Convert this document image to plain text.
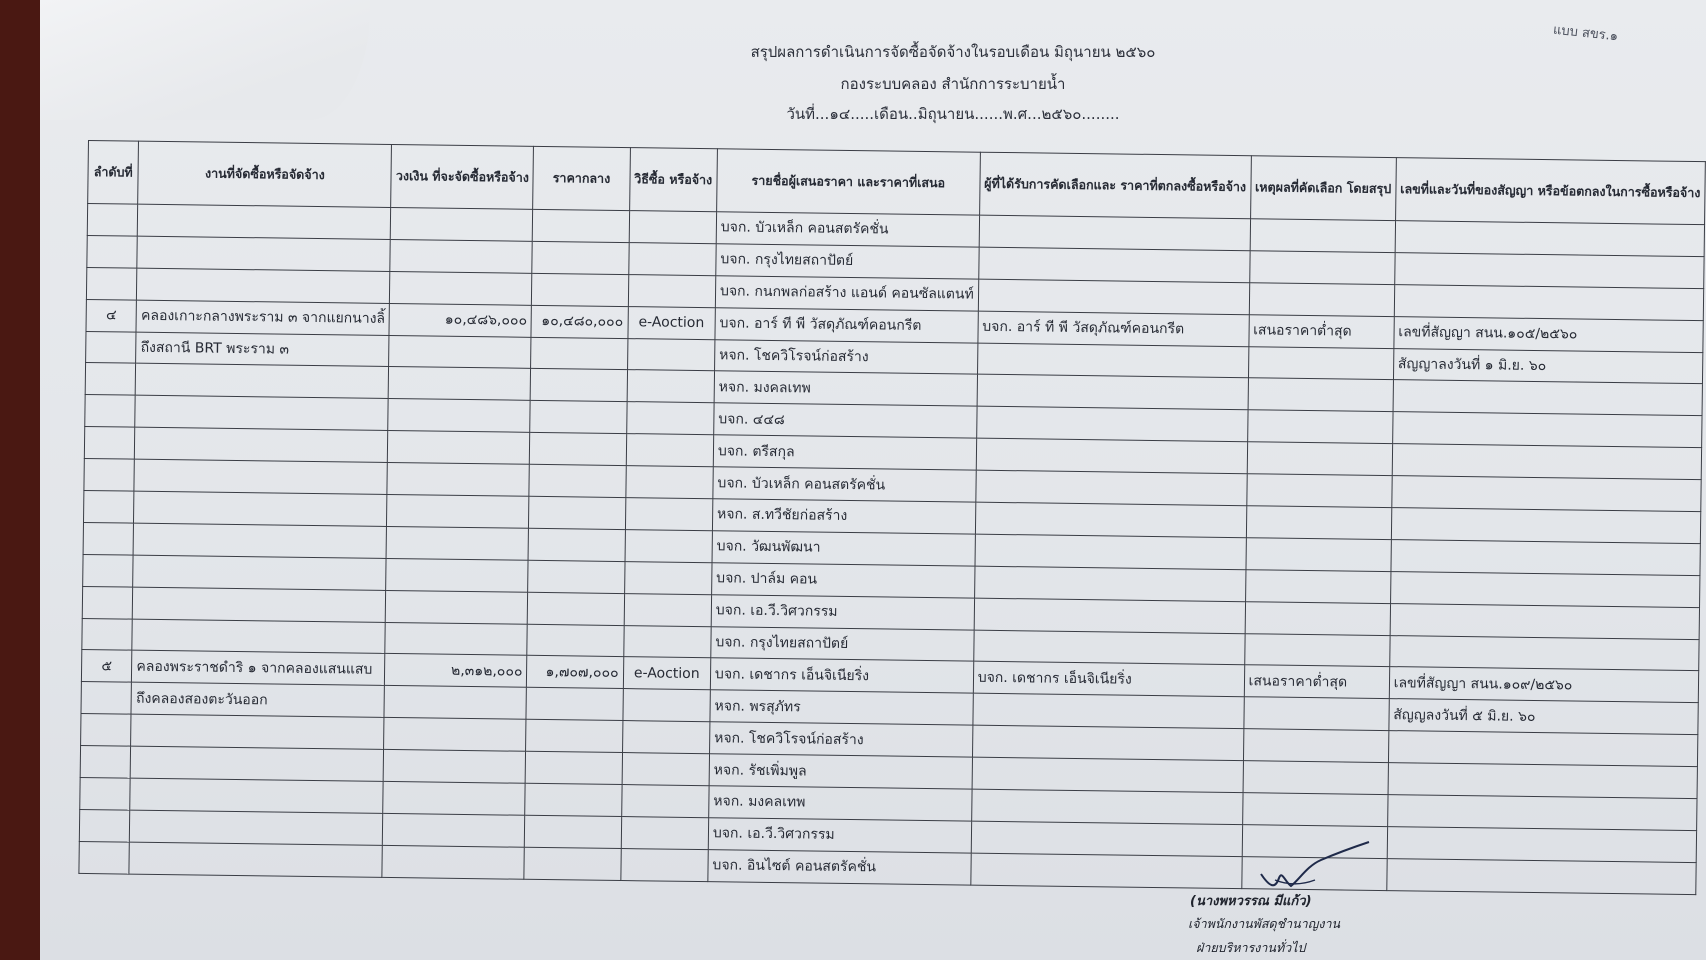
แบบ สขร.๑
สรุปผลการดำเนินการจัดซื้อจัดจ้างในรอบเดือน มิถุนายน ๒๕๖๐
กองระบบคลอง สำนักการระบายน้ำ
วันที่...๑๔.....เดือน..มิถุนายน......พ.ศ...๒๕๖๐........
ลำดับที่	งานที่จัดซื้อหรือจัดจ้าง	วงเงิน ที่จะจัดซื้อหรือจ้าง	ราคากลาง	วิธีซื้อ หรือจ้าง	รายชื่อผู้เสนอราคา และราคาที่เสนอ	ผู้ที่ได้รับการคัดเลือกและ ราคาที่ตกลงซื้อหรือจ้าง	เหตุผลที่คัดเลือก โดยสรุป	เลขที่และวันที่ของสัญญา หรือข้อตกลงในการซื้อหรือจ้าง
					บจก. บัวเหล็ก คอนสตรัคชั่น			
					บจก. กรุงไทยสถาปัตย์			
					บจก. กนกพลก่อสร้าง แอนด์ คอนซัลแตนท์			
๔	คลองเกาะกลางพระราม ๓ จากแยกนางลิ้	๑๐,๔๘๖,๐๐๐	๑๐,๔๘๐,๐๐๐	e-Aoction	บจก. อาร์ ที พี วัสดุภัณฑ์คอนกรีต	บจก. อาร์ ที พี วัสดุภัณฑ์คอนกรีต	เสนอราคาต่ำสุด	เลขที่สัญญา สนน.๑๐๕/๒๕๖๐
	ถึงสถานี BRT พระราม ๓				หจก. โชควิโรจน์ก่อสร้าง			สัญญาลงวันที่ ๑ มิ.ย. ๖๐
					หจก. มงคลเทพ			
					บจก. ๔๔๘			
					บจก. ตรีสกุล			
					บจก. บัวเหล็ก คอนสตรัคชั่น			
					หจก. ส.ทวีชัยก่อสร้าง			
					บจก. วัฒนพัฒนา			
					บจก. ปาล์ม คอน			
					บจก. เอ.วี.วิศวกรรม			
					บจก. กรุงไทยสถาปัตย์			
๕	คลองพระราชดำริ ๑ จากคลองแสนแสบ	๒,๓๑๒,๐๐๐	๑,๗๐๗,๐๐๐	e-Aoction	บจก. เดชากร เอ็นจิเนียริ่ง	บจก. เดชากร เอ็นจิเนียริ่ง	เสนอราคาต่ำสุด	เลขที่สัญญา สนน.๑๐๙/๒๕๖๐
	ถึงคลองสองตะวันออก				หจก. พรสุภัทร			สัญญลงวันที่ ๕ มิ.ย. ๖๐
					หจก. โชควิโรจน์ก่อสร้าง			
					หจก. รัชเพิ่มพูล			
					หจก. มงคลเทพ			
					บจก. เอ.วี.วิศวกรรม			
					บจก. อินไซต์ คอนสตรัคชั่น			
(นางพหวรรณ มีแก้ว)
เจ้าพนักงานพัสดุชำนาญงาน
ฝ่ายบริหารงานทั่วไป
